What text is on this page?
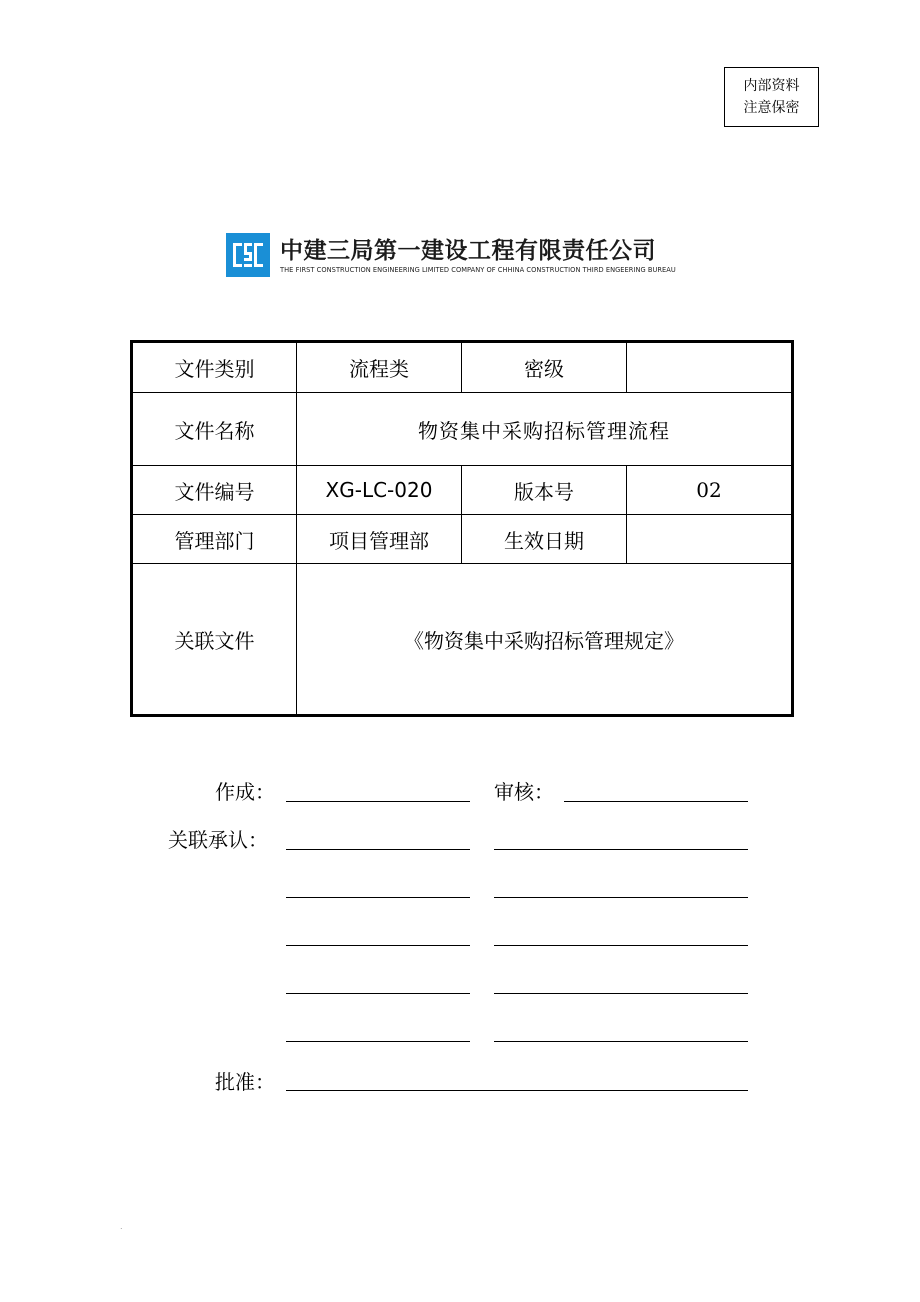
内部资料
注意保密
中建三局第一建设工程有限责任公司
THE FIRST CONSTRUCTION ENGINEERING LIMITED COMPANY OF CHHINA CONSTRUCTION THIRD ENGEERING BUREAU
文件类别	流程类	密级	
文件名称	物资集中采购招标管理流程		
文件编号	XG-LC-020	版本号	02
管理部门	项目管理部	生效日期	
关联文件	《物资集中采购招标管理规定》		
作成：	审核：
关联承认：
批准：
.
